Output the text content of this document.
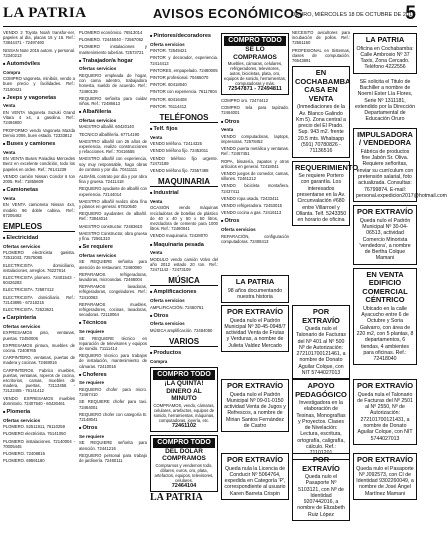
LA PATRIA	AVISOS ECONÓMICOS
ORURO, MIÉRCOLES 18 DE OCTUBRE DE 2017
5
VENDO 2 Toyota Noah transfor-ner, papeles al día, placas 15 y 16. Ref.: 73844471 - 72497460
NISSAN Note 2015 autom. y personal. 72340213
■ Automóviles
Compra
COMPRO vagoneta, minibús, vendo a buen precio y facilidades. Ref.: 72190421
■ Jeeps y vagonetas
Venta
EN VENTA Vagoneta Suzuki Grand Vitara 4 x4, a gasolina. Ref.: 72494800
PROFORMO vendo Vagoneta Mazda Demio 2006, buen estado. 72333812
■ Buses y camiones
Venta
EN VENTA Buses Paradiso Mercedes Benz en excelente condición, todo los papeles en orden. Ref.: 76141239
VENDO camión Nissan Condor 6 ton 2005. Ref.: 71855609
■ Camionetas
Venta
EN VENTA camioneta Nissan 4x4, modelo 96 doble cabina. Ref.: 67205462
EMPLEOS
■ Electricidad
Ofertas servicios
PLOMERO electricista gasista. 72511043, 72575085
ELECTRICISTA domiciliario, instalaciones, arreglos. 76227814
ELECTRICISTA plomero. 72401543 - 60426283
ELECTRICISTA. 72587412
ELECTRICISTA domiciliario. Ref.: 72143895 - 67218215
ELECTRICISTA. 72523621
■ Carpintería
Ofertas servicios
EXPRESAMOS piso, ventanas, puertas. 72450006
EXPRESAMOS pintura, muebles de cocina. 72408765
CARPINTERO, ventanas, puertas de madera y cocinas. 72468016
CARPINTEROS. Fabrico muebles, puertas, ventanas, roperos de cocina, escritorios, camas, muebles de madera, puertas, 72113456 - 72122455 - 76141412
VENDO EXPRESAMOS muebles dormitorio. 72407640 - 60430461
■ Plomería
Ofertas servicios
PLOMERO. 52511811, 76110259
PLOMERO electricista. 76141050
PLOMERO instalaciones. 72140004 - 70005445
PLOMERO. 72408815
PLOMERO. 69591180
PLOMERO económico. 76513014
PLOMERO. 72445040 - 72567052
PLOMERO instalaciones y mantenimiento tuberías. 72573721
■ Trabajador/a hogar
Ofertas servicios
REQUIERO empleada de hogar, con cama adentro, trabajadora honesta, sueldo de acuerdo. Ref.: 72480139
REQUIERO señorita para cuidar niños. Ref.: 72486613
■ Albañilería
Ofertas servicios
MAESTRO albañil. 60420140
TECNICO albañilería. 67714190
MAESTRO albañil con 25 años de experiencia, realizo construcciones y refacciones. Ref.: 70416655
MAESTRO albañil con experiencia, soy muy responsable, hago obras de contrato y por día. 70411111
ALBAÑIL contrato por día y por obra fina y gruesa. 72411418
REQUIERO ayudante de albañil con experiencia. 72144014
MAESTRO albañil realizo obra fina y planos en general. 67810540
REQUIERO ayudantes de albañil. Ref.: 73844014
MAESTRO constructor. 72483610
MAESTRO Constructor, obra gruesa y fina. 72561310
■ Se requiere
Ofertas servicios
SE REQUIERE señorita para atención de restaurant. 72460060
REPARAMOS refrigeradoras, lavadoras, microondas. 72466004
REPARAMOS lavadoras, refrigeradoras, congeladores. Ref.: 72410063
REPARAMOS muebles, refrigeradores, cocinas, lavadoras, secadoras. 72118064
■ Técnicos
Se requiere
SE REQUIERE técnico en reparación de televisores y equipos de sonido. 71111414
REQUIERO técnico para trabajos de instalación, mantenimiento de cámaras. 72410016
■ Choferes
Se requiere
REQUIERO chofer para micro. 72467410
SE REQUIERE chofer para taxi. 72464001
REQUIERO chofer con categoría B. 72148041
■ Otros
Se requiere
SE REQUIERE señorita para atención. 72441216
REQUIERO personal para trabajo de jardinería. 72460111
■ Pintores/decoradores
Oferta servicios
PINTOR. 72549421
PINTOR y decorador, experiencia. 72414413
PINTORES, empapelado. 72480005
PINTOR profesional. 70465070
PINTOR. 60418040
PINTOR con experiencia. 76117804
PINTOR. 60416408
PINTOR. 76114412
TELÉFONOS
■ Telf. fijos
Venta
VENDO teléfono. 72414325
VENDO teléfono fijo. 72453011
VENDO teléfono fijo urgente. 72472189
VENDO teléfono fijo. 72557488
MAQUINARIA
■ Industrial
Venta
OCASIÓN vendo máquinas recicladoras de botellas de plástico de 40 x 40 y 50 x 50 litros, mezcladora de cemento para 1000 litros. Ref.: 72460041
VENDO maquinaria. 72428070
■ Maquinaria pesada
Venta
MODULO vendo camión Volvo del año 2012 estado 20 ton. Ref.: 72471142 - 72473109
MÚSICA
■ Amplificaciones
Oferta servicios
AMPLIFICACIÓN. 72460761
■ Otros
Oferta servicios
MÚSICA amplificación. 72484050
VARIOS
■ Productos
Compra
COMPRO TODO
¡LA QUINTA!
DINERO AL MINUTO
COMPRAMOS, vendo, cámaras, celulares, artefactos, equipos de sonido, herramientas, máquinas, computadoras, joyería, etc.
72461102
COMPRO TODO
DEL DÓLAR
COMPRAMOS
Compramos y vendemos todo, dólares, euros, oro, plata, artefactos, equipos, televisores, celulares.
72464104
LA PATRIA
COMPRO TODO
SE LO COMPRAMOS
Muebles, cámaras, celulares, refrigeradores, televisores, autos, bicicletas, plata, oro, equipos de sonido, herramientas, computadoras y más.
72547871 - 72494811
COMPRO oro. 72474412
COMPRO tela para tapizado. 72464001
■ Otros
Venta
VENDO computadoras, laptops, impresoras. 72578452
VENDO puerta metálica y ventanas. Ref.: 72467451
ROPA, bisutería, zapatos y otros artículos en general. 72418041
VENDO juegos de comedor, camas, sillones. 72461212
VENDO bicicleta montañera. 72437411
VENDO ropa usada. 72433411
VENDO refrigeradora. 72453015
VENDO cocina a gas. 72416113
■ Otros
Oferta servicios
REPARACIÓN, configuración computadoras. 72408413
NECESITO avicultores para incubación de pollos. Ref.: 72561150
PROFESIONAL en Sistemas, clases de computación. 76543891
EN COCHABAMBA CASA EN VENTA

(Inmediaciones de la Av. Blanco Galindo Km 5). Zona central a precio del El Prado. Sup. 943 m2. frente 20.5 mts. Whatsapp (591) 70780826 - 71136516

REQUERIMIENTO

Se requiere Portero con garantía. Los interesados presentarse en la Av. Circunvalación #680 entre Villarroel y Ollanta. Telf. 5243350 en horario de oficina

LA PATRIA

Oficina en Cochabamba: Calle Ambrosio Nº 37 Taxis, Zona Cercado. Teléfono 4222556

SE solicita el Titulo de Bachiller a nombre de Noemí Ester Lía Flores, Serie Nº 1311181, extendido por la Dirección Departamental de Educación Oruro

IMPULSADORA / VENDEDORA

Fábrica de productos fine Jabón Sr. Oliva. Requiere señoritas, enviar su currículum con pretensión salarial, foto actualizada. Consultas: 76799874. E-mail: personal.expedicion2017@hotmail.com

POR EXTRAVÍO

Queda nulo el Padrón Municipal Nº 30-04-06513, actividad Comercio Minorista 'vendedora', a nombre de Bertha Colque Mamani

EN VENTA EDIFICIO COMERCIAL CÉNTRICO

Ubicado en la calle Ayacucho entre 6 de Octubre y Soria Galvarro, con área de 220 m2, con 5 plantas, 8 departamentos, 6 tiendas, 4 ambientes para oficinas. Ref.: 72418040

LA PATRIA

98 años documentando nuestra historia

POR EXTRAVÍO

Queda nulo el Padrón Municipal Nº 30-45-0948/7 actividad Venta de Frutas y Verduras, a nombre de Julieta Valdez Mercado

POR EXTRAVÍO

Queda nulo el Padrón Municipal Nº 09-01-0150 actividad Venta de Jugos y Refrescos, a nombre de Mirian Santos Fernández de Castro

POR EXTRAVÍO

Queda nula la Licencia de Conducir Nº 5064764, expedida en Categoría 'P', correspondiente al usuario Karen Barreta Crispin

POR EXTRAVÍO

Queda nulo el Talonario de Facturas del Nº 401 al Nº 500 Nº de Autorización: 272101700121461, a nombre de Donato Aguilar Colque, con NIT 5744027013

APOYO PEDAGÓGICO

Investigadora en la elaboración de Tesinas, Monografías y Proyectos. Clases de Nivelación: Lectura, escritura, ortografía, caligrafía, cálculo. Ref.: 71101201

POR EXTRAVÍO

Queda nulo el Pasaporte Nº 5103121, con Nº de Identidad 9207442016, a nombre de Elizabeth Ruiz López

POR EXTRAVÍO

Queda nula el Talonario de Facturas del Nº 2501 al Nº 2550, Nº de Autorización: 272101700121431, a nombre de Donato Aguilar Colque, con NIT 5744027013

POR EXTRAVÍO

Queda nulo el Pasaporte Nº J092573, con CI de Identidad 9302260049, a nombre de José Ángel Martínez Mamani
